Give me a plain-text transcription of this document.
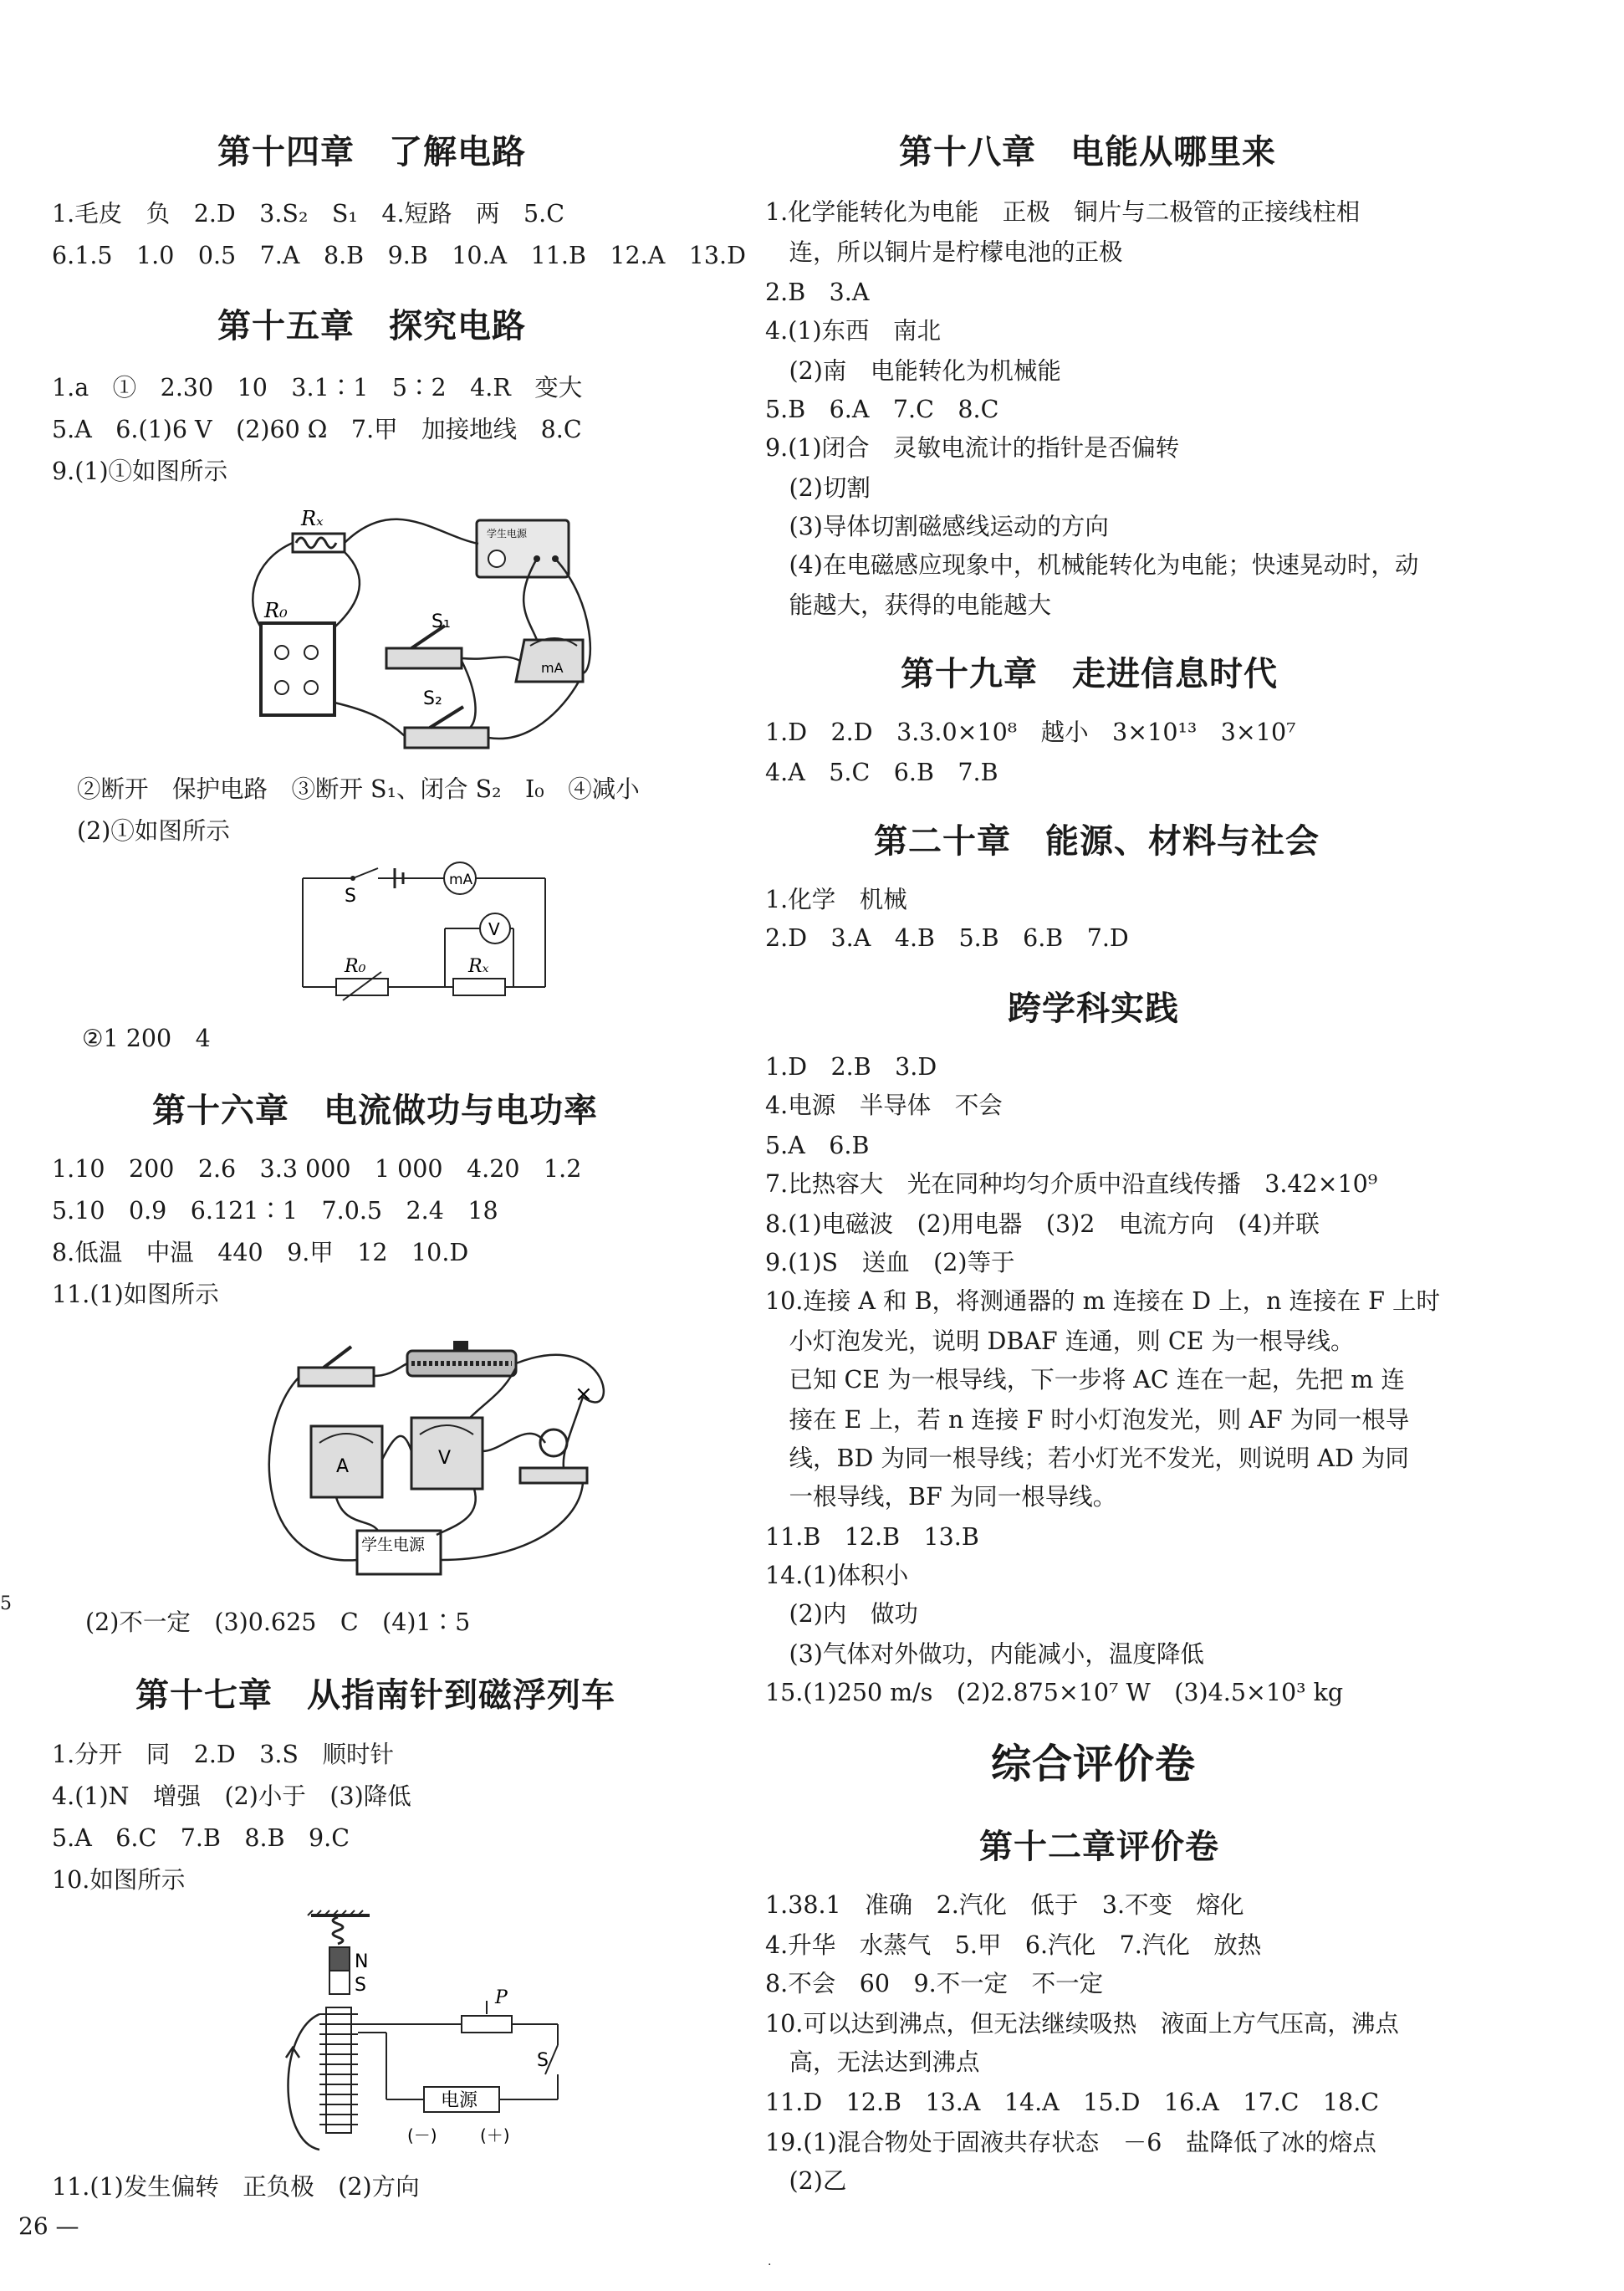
第十四章　了解电路
1.毛皮　负　2.D　3.S₂　S₁　4.短路　两　5.C
6.1.5　1.0　0.5　7.A　8.B　9.B　10.A　11.B　12.A　13.D
第十五章　探究电路
1.a　①　2.30　10　3.1∶1　5∶2　4.R　变大
5.A　6.(1)6 V　(2)60 Ω　7.甲　加接地线　8.C
9.(1)①如图所示
Rₓ
学生电源
R₀	S₁
S₂
mA
②断开　保护电路　③断开 S₁、闭合 S₂　I₀　④减小
(2)①如图所示
S
mA
R₀	Rₓ
V
②1 200　4
第十六章　电流做功与电功率
1.10　200　2.6　3.3 000　1 000　4.20　1.2
5.10　0.9　6.121∶1　7.0.5　2.4　18
8.低温　中温　440　9.甲　12　10.D
11.(1)如图所示
A	V
学生电源
×
(2)不一定　(3)0.625　C　(4)1∶5
第十七章　从指南针到磁浮列车
1.分开　同　2.D　3.S　顺时针
4.(1)N　增强　(2)小于　(3)降低
5.A　6.C　7.B　8.B　9.C
10.如图所示
N
S
P
S
电源
(－)	(＋)
11.(1)发生偏转　正负极　(2)方向
5
26 —
第十八章　电能从哪里来
1.化学能转化为电能　正极　铜片与二极管的正接线柱相
　连，所以铜片是柠檬电池的正极
2.B　3.A
4.(1)东西　南北
　(2)南　电能转化为机械能
5.B　6.A　7.C　8.C
9.(1)闭合　灵敏电流计的指针是否偏转
　(2)切割
　(3)导体切割磁感线运动的方向
　(4)在电磁感应现象中，机械能转化为电能；快速晃动时，动
　能越大，获得的电能越大
第十九章　走进信息时代
1.D　2.D　3.3.0×10⁸　越小　3×10¹³　3×10⁷
4.A　5.C　6.B　7.B
第二十章　能源、材料与社会
1.化学　机械
2.D　3.A　4.B　5.B　6.B　7.D
跨学科实践
1.D　2.B　3.D
4.电源　半导体　不会
5.A　6.B
7.比热容大　光在同种均匀介质中沿直线传播　3.42×10⁹
8.(1)电磁波　(2)用电器　(3)2　电流方向　(4)并联
9.(1)S　送血　(2)等于
10.连接 A 和 B，将测通器的 m 连接在 D 上，n 连接在 F 上时
　小灯泡发光，说明 DBAF 连通，则 CE 为一根导线。
　已知 CE 为一根导线，下一步将 AC 连在一起，先把 m 连
　接在 E 上，若 n 连接 F 时小灯泡发光，则 AF 为同一根导
　线，BD 为同一根导线；若小灯光不发光，则说明 AD 为同
　一根导线，BF 为同一根导线。
11.B　12.B　13.B
14.(1)体积小
　(2)内　做功
　(3)气体对外做功，内能减小，温度降低
15.(1)250 m/s　(2)2.875×10⁷ W　(3)4.5×10³ kg
综合评价卷
第十二章评价卷
1.38.1　准确　2.汽化　低于　3.不变　熔化
4.升华　水蒸气　5.甲　6.汽化　7.汽化　放热
8.不会　60　9.不一定　不一定
10.可以达到沸点，但无法继续吸热　液面上方气压高，沸点
　高，无法达到沸点
11.D　12.B　13.A　14.A　15.D　16.A　17.C　18.C
19.(1)混合物处于固液共存状态　－6　盐降低了冰的熔点
　(2)乙
·
